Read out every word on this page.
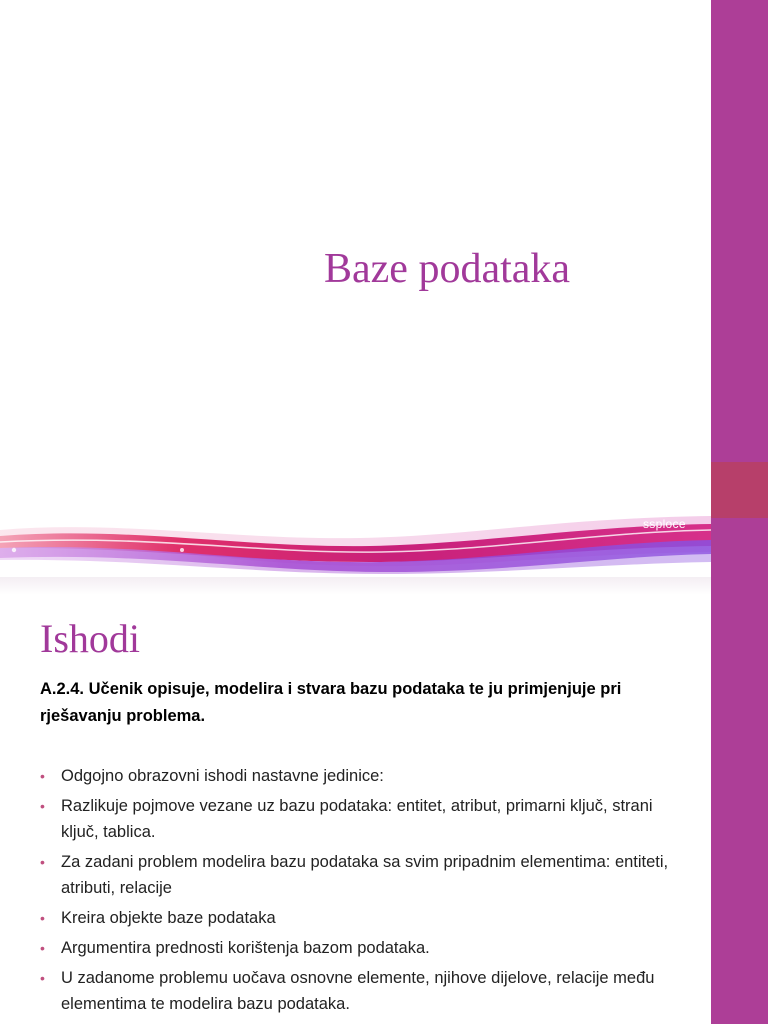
Baze podataka
ssploce
Ishodi

A.2.4. Učenik opisuje, modelira i stvara bazu podataka te ju primjenjuje pri rješavanju problema.

• Odgojno obrazovni ishodi nastavne jedinice:
• Razlikuje pojmove vezane uz bazu podataka: entitet, atribut, primarni ključ, strani ključ, tablica.
• Za zadani problem modelira bazu podataka sa svim pripadnim elementima: entiteti, atributi, relacije
• Kreira objekte baze podataka
• Argumentira prednosti korištenja bazom podataka.
• U zadanome problemu uočava osnovne elemente, njihove dijelove, relacije među elementima te modelira bazu podataka.
